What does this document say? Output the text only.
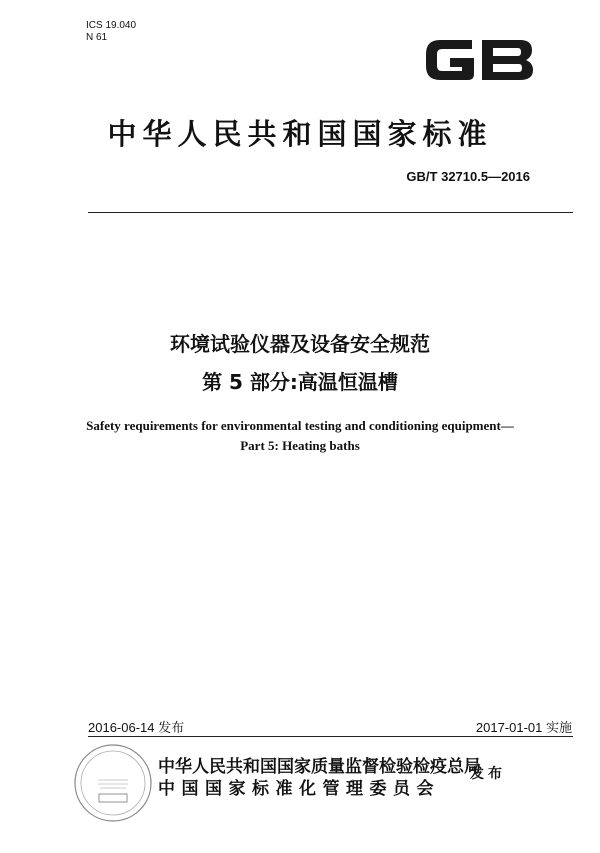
ICS 19.040
N 61
中华人民共和国国家标准
GB/T 32710.5—2016
环境试验仪器及设备安全规范
第 5 部分:高温恒温槽
Safety requirements for environmental testing and conditioning equipment—
Part 5: Heating baths
2016-06-14 发布	2017-01-01 实施
中华人民共和国国家质量监督检验检疫总局
中国国家标准化管理委员会
发布
